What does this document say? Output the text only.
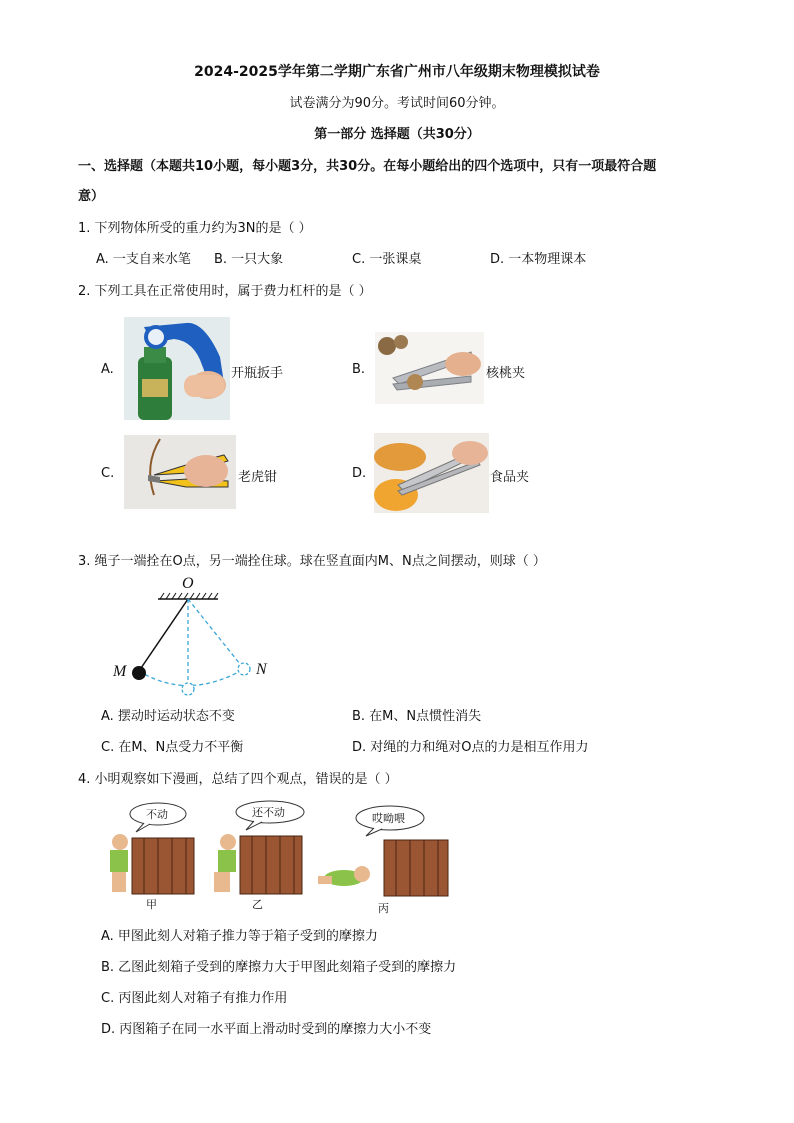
2024-2025学年第二学期广东省广州市八年级期末物理模拟试卷
试卷满分为90分。考试时间60分钟。
第一部分 选择题（共30分）
一、选择题（本题共10小题，每小题3分，共30分。在每小题给出的四个选项中，只有一项最符合题
意）
1. 下列物体所受的重力约为3N的是（ ）
A. 一支自来水笔 B. 一只大象	C. 一张课桌	D. 一本物理课本
2. 下列工具在正常使用时，属于费力杠杆的是（ ）
A.	开瓶扳手	B.	核桃夹
C.	老虎钳	D.	食品夹
3. 绳子一端拴在O点，另一端拴住球。球在竖直面内M、N点之间摆动，则球（ ）
O
M	N
A. 摆动时运动状态不变	B. 在M、N点惯性消失
C. 在M、N点受力不平衡	D. 对绳的力和绳对O点的力是相互作用力
4. 小明观察如下漫画，总结了四个观点，错误的是（ ）
不动	还不动	哎呦喂
甲	乙	丙
A. 甲图此刻人对箱子推力等于箱子受到的摩擦力
B. 乙图此刻箱子受到的摩擦力大于甲图此刻箱子受到的摩擦力
C. 丙图此刻人对箱子有推力作用
D. 丙图箱子在同一水平面上滑动时受到的摩擦力大小不变
